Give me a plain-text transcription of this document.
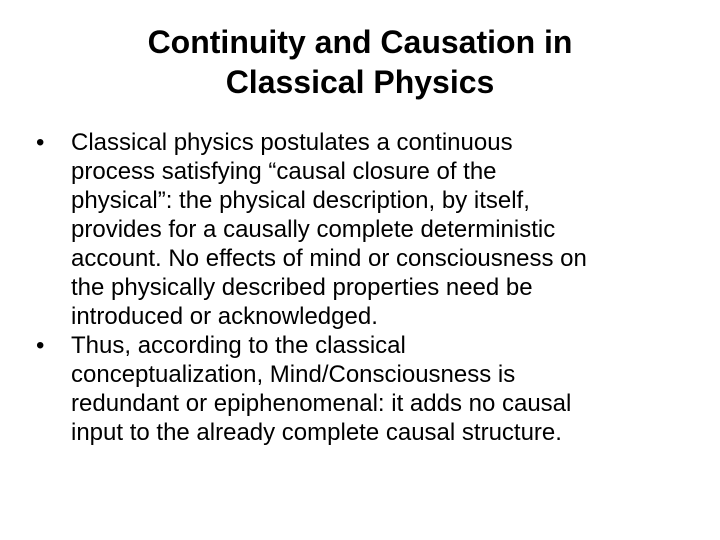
Continuity and Causation in
Classical Physics
•	Classical physics postulates a continuous
process satisfying “causal closure of the
physical”: the physical description, by itself,
provides for a causally complete deterministic
account. No effects of mind or consciousness on
the physically described properties need be
introduced or acknowledged.
•	Thus, according to the classical
conceptualization, Mind/Consciousness is
redundant or epiphenomenal: it adds no causal
input to the already complete causal structure.
